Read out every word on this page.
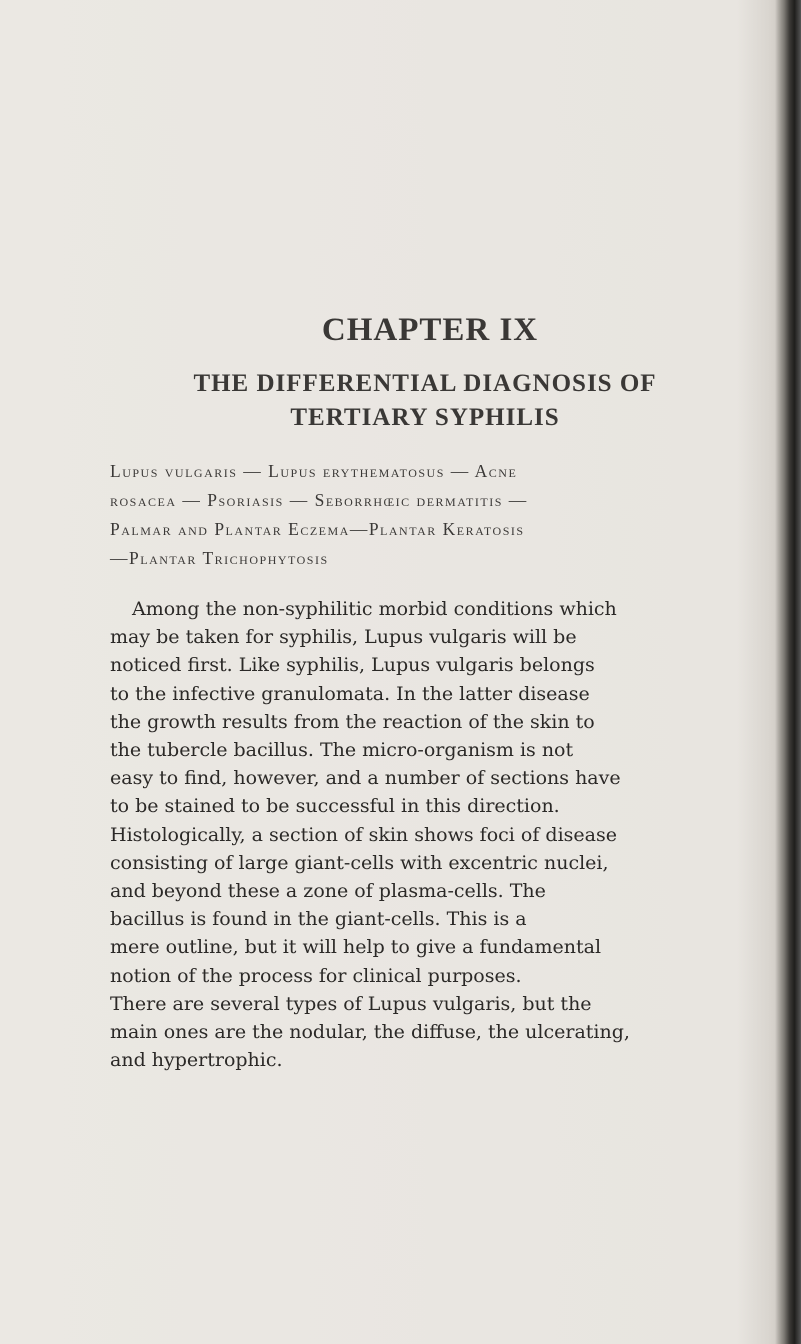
CHAPTER IX
THE DIFFERENTIAL DIAGNOSIS OF
TERTIARY SYPHILIS
Lupus vulgaris — Lupus erythematosus — Acne
rosacea — Psoriasis — Seborrhœic dermatitis —
Palmar and Plantar Eczema—Plantar Keratosis
—Plantar Trichophytosis
Among the non-syphilitic morbid conditions which
may be taken for syphilis, Lupus vulgaris will be
noticed first. Like syphilis, Lupus vulgaris belongs
to the infective granulomata. In the latter disease
the growth results from the reaction of the skin to
the tubercle bacillus. The micro-organism is not
easy to find, however, and a number of sections have
to be stained to be successful in this direction.
Histologically, a section of skin shows foci of disease
consisting of large giant-cells with excentric nuclei,
and beyond these a zone of plasma-cells. The
bacillus is found in the giant-cells. This is a
mere outline, but it will help to give a fundamental
notion of the process for clinical purposes.
There are several types of Lupus vulgaris, but the
main ones are the nodular, the diffuse, the ulcerating,
and hypertrophic.
